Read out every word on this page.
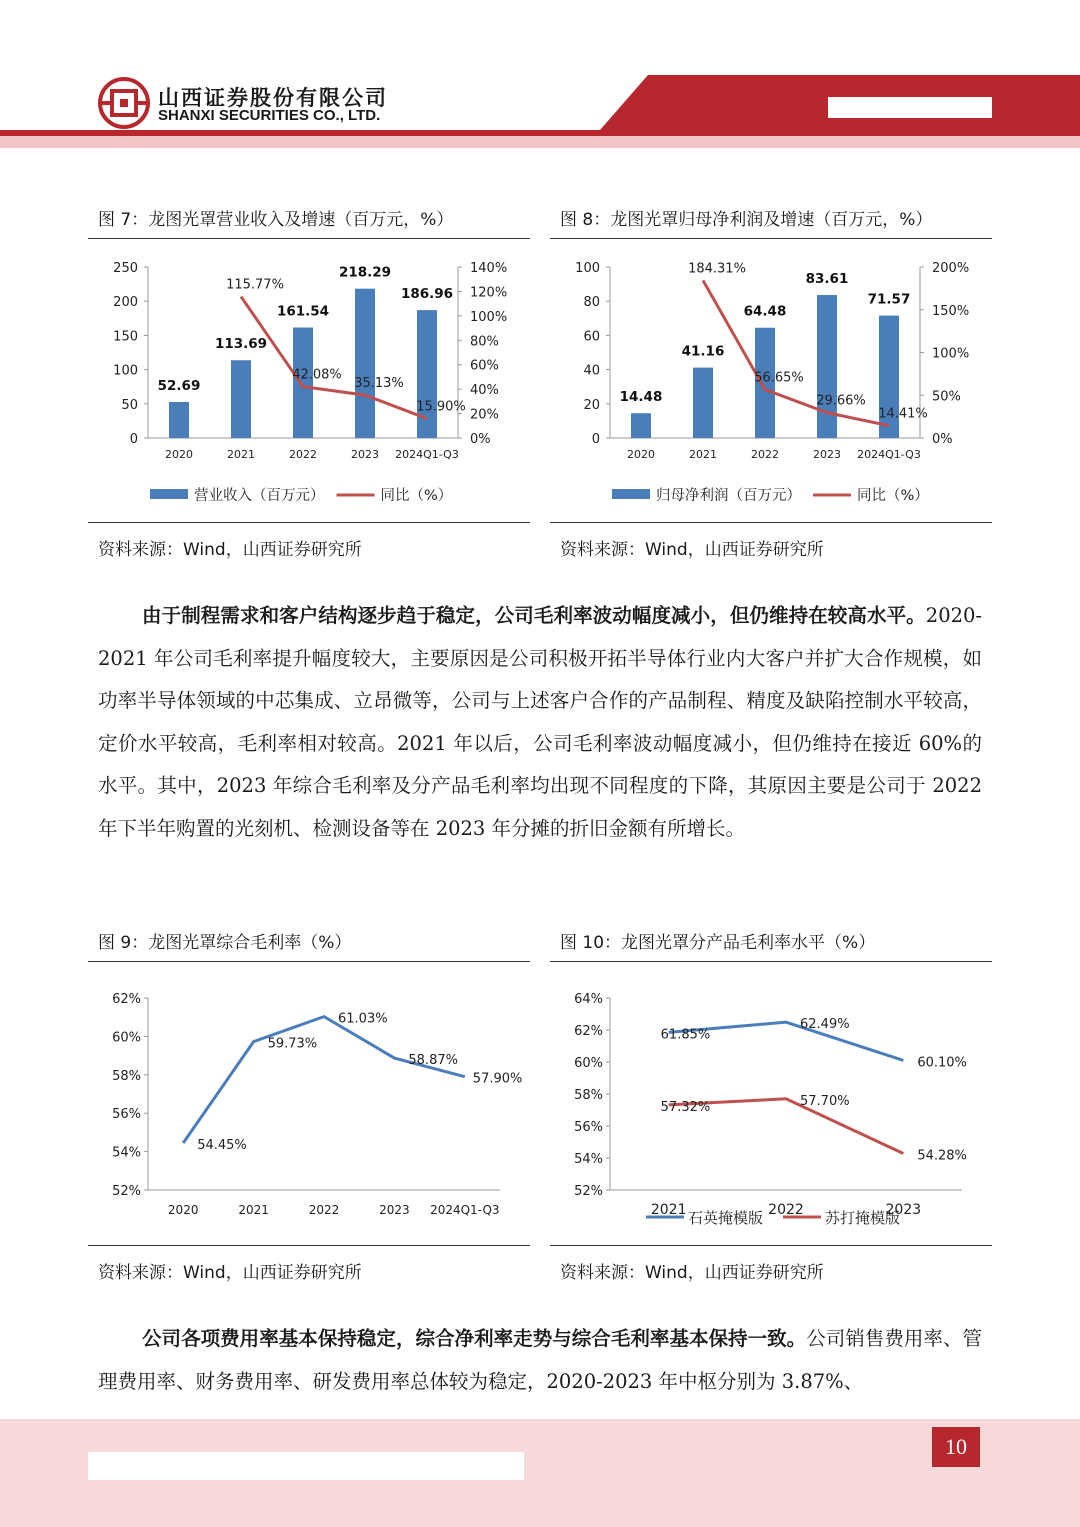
山西证券股份有限公司
SHANXI SECURITIES CO., LTD.
图 7：龙图光罩营业收入及增速（百万元，%）
0
50
100
150
200
250
0%
20%
40%
60%
80%
100%
120%
140%
52.69
113.69
161.54
218.29
186.96
2020	2021	2022	2023 2024Q1-Q3
115.77%
42.08%
35.13%
15.90%
营业收入（百万元）	同比（%）
资料来源：Wind，山西证券研究所
图 8：龙图光罩归母净利润及增速（百万元，%）
0
20
40
60
80
100
0%
50%
100%
150%
200%
14.48
41.16
64.48
83.61
71.57
2020	2021	2022	2023 2024Q1-Q3
184.31%
56.65%
29.66%
14.41%
归母净利润（百万元）	同比（%）
资料来源：Wind，山西证券研究所

由于制程需求和客户结构逐步趋于稳定，公司毛利率波动幅度减小，但仍维持在较高水平。2020-2021 年公司毛利率提升幅度较大，主要原因是公司积极开拓半导体行业内大客户并扩大合作规模，如功率半导体领域的中芯集成、立昂微等，公司与上述客户合作的产品制程、精度及缺陷控制水平较高，定价水平较高，毛利率相对较高。2021 年以后，公司毛利率波动幅度减小，但仍维持在接近 60%的水平。其中，2023 年综合毛利率及分产品毛利率均出现不同程度的下降，其原因主要是公司于 2022 年下半年购置的光刻机、检测设备等在 2023 年分摊的折旧金额有所增长。

图 9：龙图光罩综合毛利率（%）
52%
54%
56%
58%
60%
62%
2020	2021	2022	2023 2024Q1-Q3
54.45%
59.73%
61.03%
58.87%
57.90%
资料来源：Wind，山西证券研究所
图 10：龙图光罩分产品毛利率水平（%）
52%
54%
56%
58%
60%
62%
64%
2021	2022	2023
61.85%
62.49%
60.10%
57.32%	57.70%
54.28%
石英掩模版	苏打掩模版
资料来源：Wind，山西证券研究所

公司各项费用率基本保持稳定，综合净利率走势与综合毛利率基本保持一致。公司销售费用率、管理费用率、财务费用率、研发费用率总体较为稳定，2020-2023 年中枢分别为 3.87%、

10
